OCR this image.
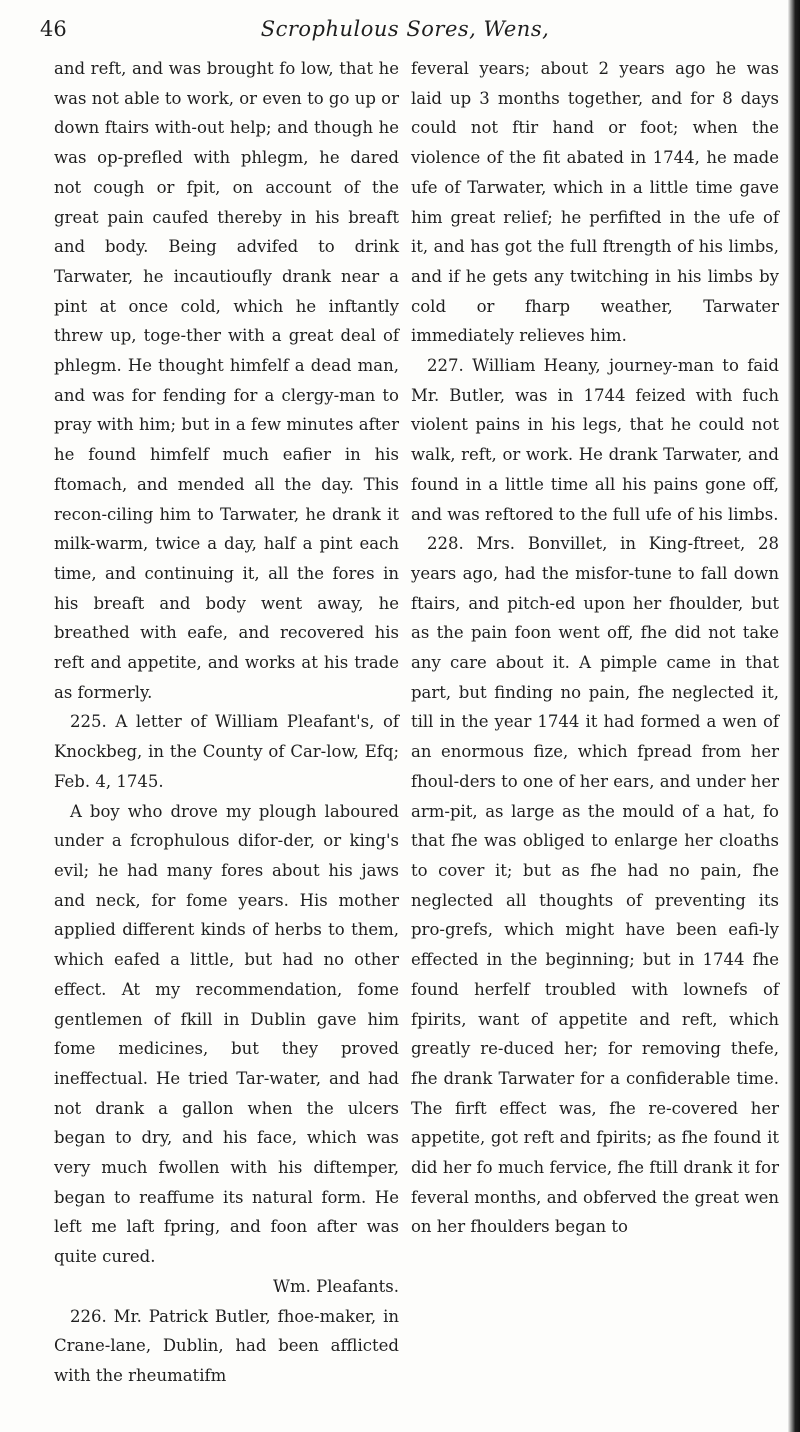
46	Scrophulous Sores, Wens,

and reft, and was brought fo low, that he was not able to work, or even to go up or down ftairs with-out help; and though he was op-prefled with phlegm, he dared not cough or fpit, on account of the great pain caufed thereby in his breaft and body. Being advifed to drink Tarwater, he incautioufly drank near a pint at once cold, which he inftantly threw up, toge-ther with a great deal of phlegm. He thought himfelf a dead man, and was for fending for a clergy-man to pray with him; but in a few minutes after he found himfelf much eafier in his ftomach, and mended all the day. This recon-ciling him to Tarwater, he drank it milk-warm, twice a day, half a pint each time, and continuing it, all the fores in his breaft and body went away, he breathed with eafe, and recovered his reft and appetite, and works at his trade as formerly.

225. A letter of William Pleafant's, of Knockbeg, in the County of Car-low, Efq; Feb. 4, 1745.

A boy who drove my plough laboured under a fcrophulous difor-der, or king's evil; he had many fores about his jaws and neck, for fome years. His mother applied different kinds of herbs to them, which eafed a little, but had no other effect. At my recommendation, fome gentlemen of fkill in Dublin gave him fome medicines, but they proved ineffectual. He tried Tar-water, and had not drank a gallon when the ulcers began to dry, and his face, which was very much fwollen with his diftemper, began to reaffume its natural form. He left me laft fpring, and foon after was quite cured.

Wm. Pleafants.

226. Mr. Patrick Butler, fhoe-maker, in Crane-lane, Dublin, had been afflicted with the rheumatifm

feveral years; about 2 years ago he was laid up 3 months together, and for 8 days could not ftir hand or foot; when the violence of the fit abated in 1744, he made ufe of Tarwater, which in a little time gave him great relief; he perfifted in the ufe of it, and has got the full ftrength of his limbs, and if he gets any twitching in his limbs by cold or fharp weather, Tarwater immediately relieves him.

227. William Heany, journey-man to faid Mr. Butler, was in 1744 feized with fuch violent pains in his legs, that he could not walk, reft, or work. He drank Tarwater, and found in a little time all his pains gone off, and was reftored to the full ufe of his limbs.

228. Mrs. Bonvillet, in King-ftreet, 28 years ago, had the misfor-tune to fall down ftairs, and pitch-ed upon her fhoulder, but as the pain foon went off, fhe did not take any care about it. A pimple came in that part, but finding no pain, fhe neglected it, till in the year 1744 it had formed a wen of an enormous fize, which fpread from her fhoul-ders to one of her ears, and under her arm-pit, as large as the mould of a hat, fo that fhe was obliged to enlarge her cloaths to cover it; but as fhe had no pain, fhe neglected all thoughts of preventing its pro-grefs, which might have been eafi-ly effected in the beginning; but in 1744 fhe found herfelf troubled with lownefs of fpirits, want of appetite and reft, which greatly re-duced her; for removing thefe, fhe drank Tarwater for a confiderable time. The firft effect was, fhe re-covered her appetite, got reft and fpirits; as fhe found it did her fo much fervice, fhe ftill drank it for feveral months, and obferved the great wen on her fhoulders began to
